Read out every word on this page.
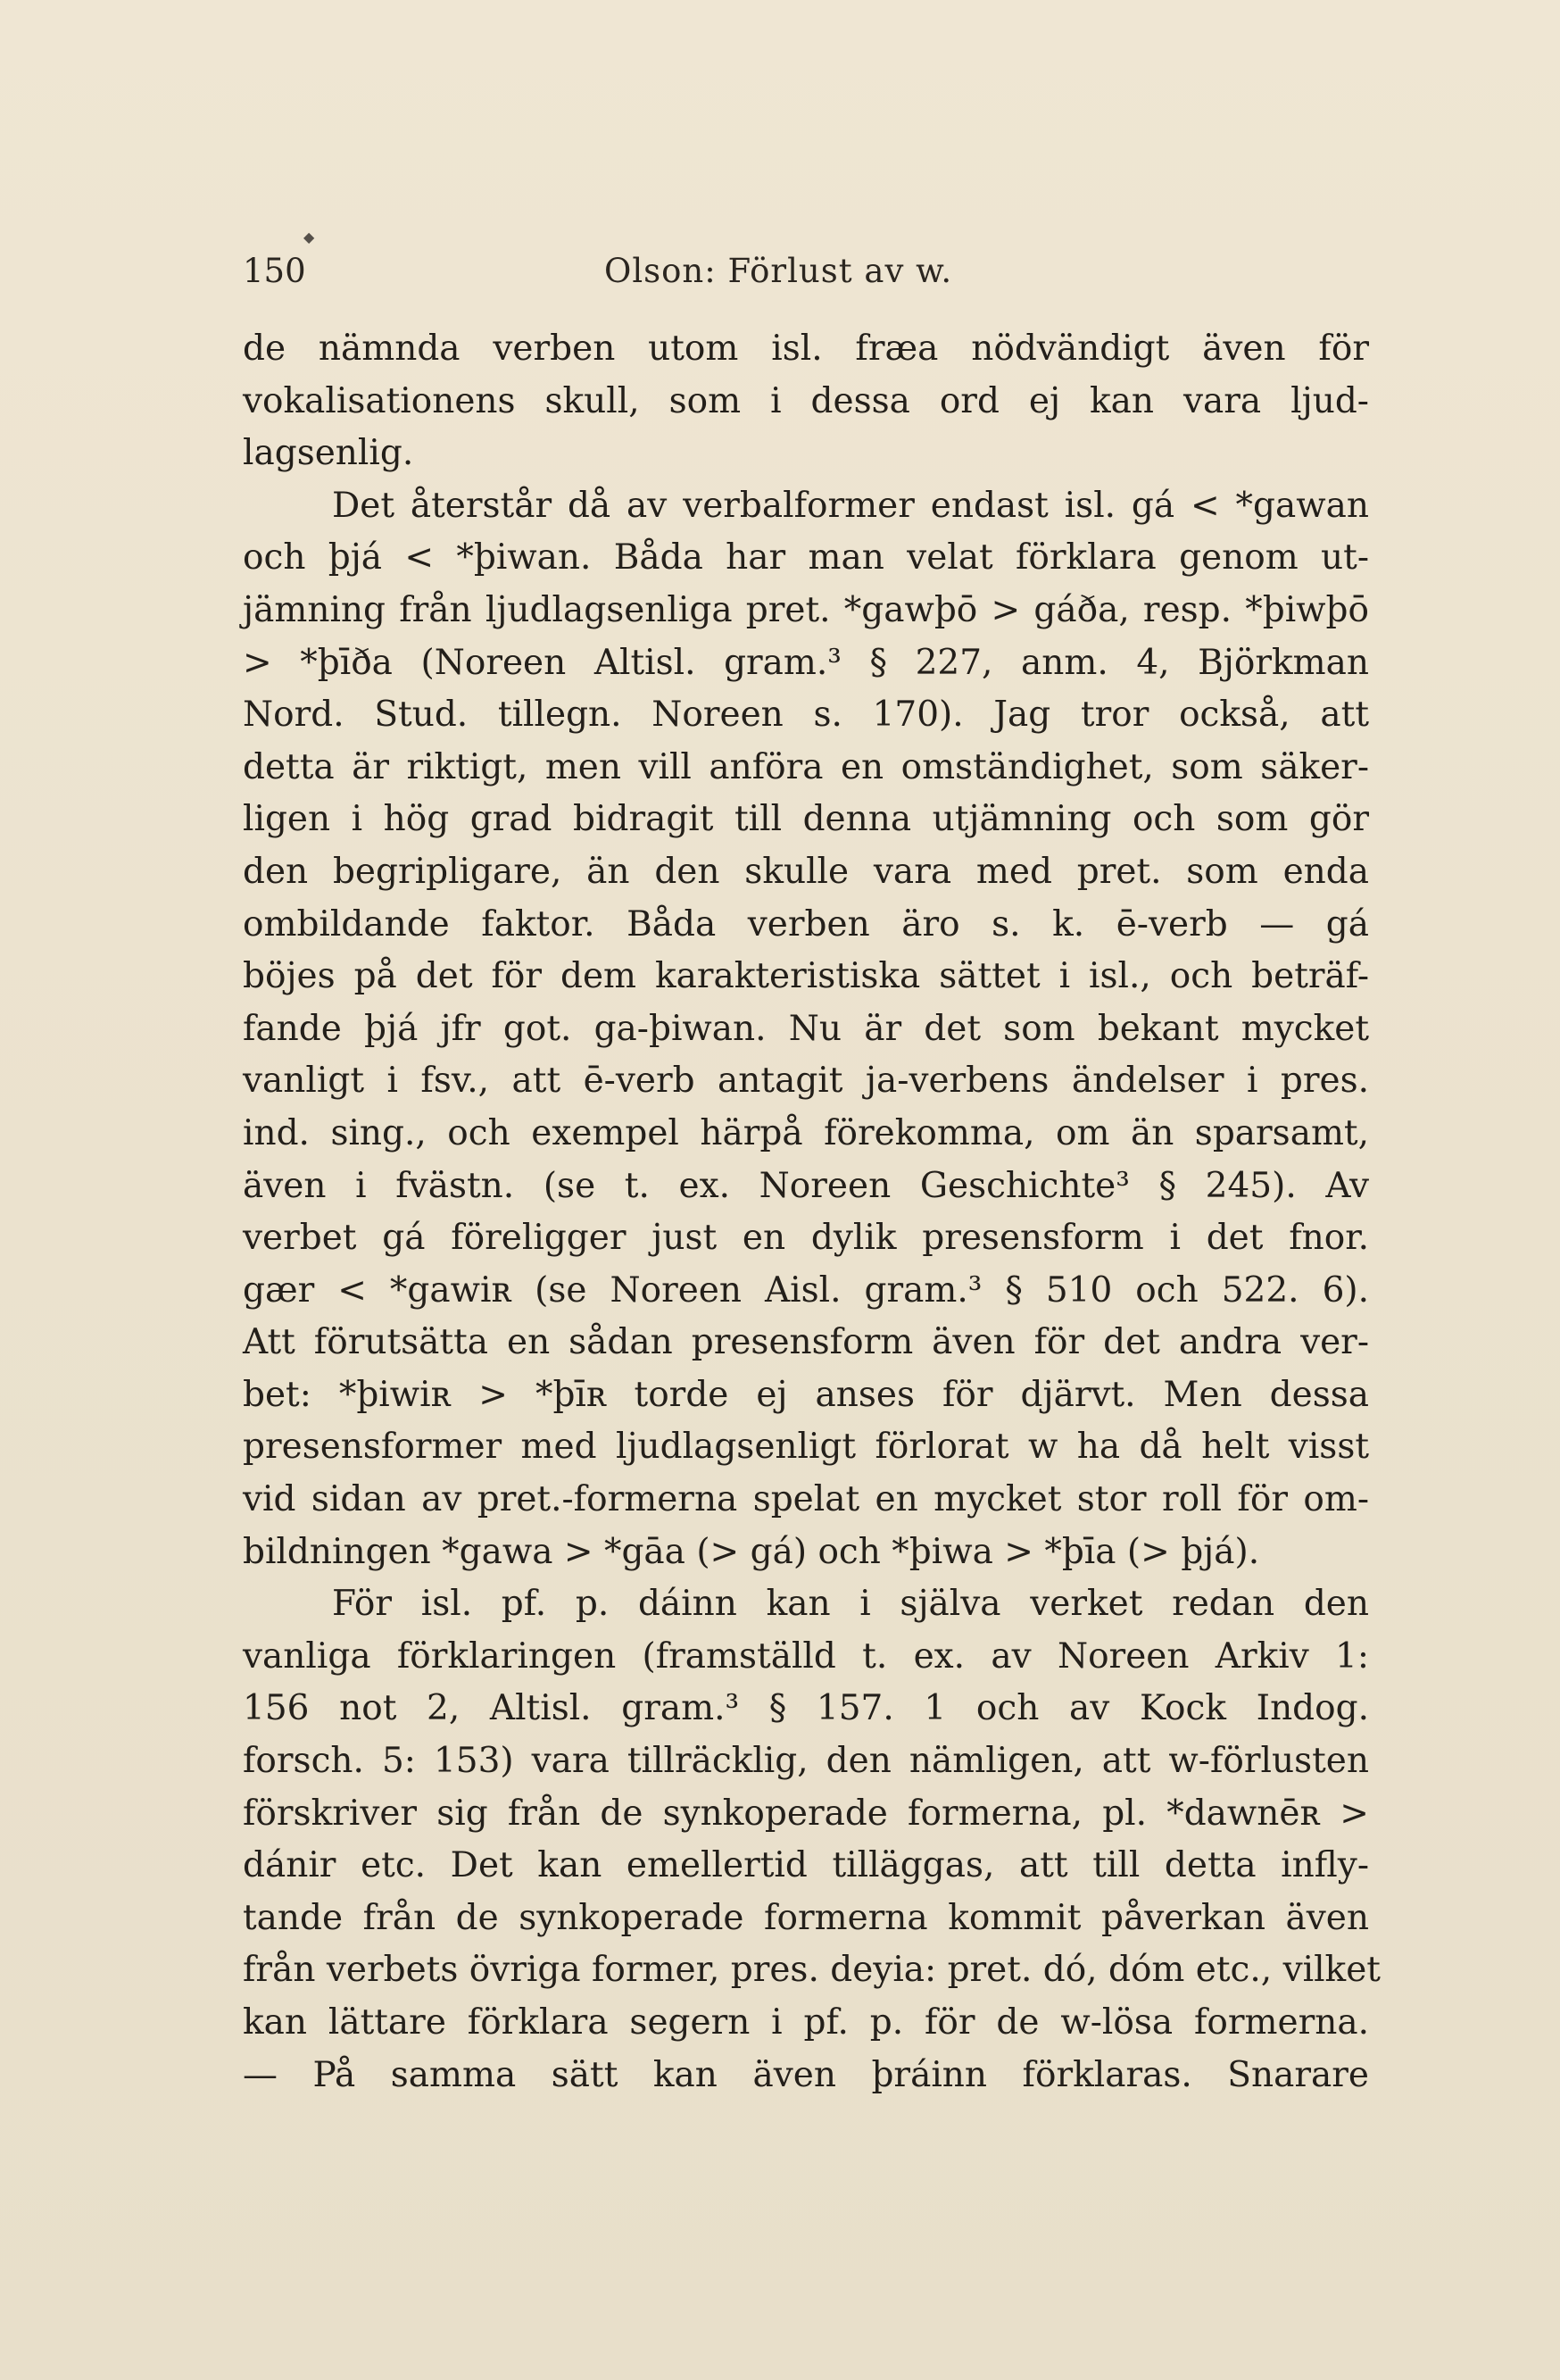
◆
150	Olson: Förlust av w.
de nämnda verben utom isl. fræa nödvändigt även för
vokalisationens skull, som i dessa ord ej kan vara ljud-
lagsenlig.
Det återstår då av verbalformer endast isl. gá < *gawan
och þjá < *þiwan. Båda har man velat förklara genom ut-
jämning från ljudlagsenliga pret. *gawþō > gáða, resp. *þiwþō
> *þīða (Noreen Altisl. gram.³ § 227, anm. 4, Björkman
Nord. Stud. tillegn. Noreen s. 170). Jag tror också, att
detta är riktigt, men vill anföra en omständighet, som säker-
ligen i hög grad bidragit till denna utjämning och som gör
den begripligare, än den skulle vara med pret. som enda
ombildande faktor. Båda verben äro s. k. ē-verb — gá
böjes på det för dem karakteristiska sättet i isl., och beträf-
fande þjá jfr got. ga-þiwan. Nu är det som bekant mycket
vanligt i fsv., att ē-verb antagit ja-verbens ändelser i pres.
ind. sing., och exempel härpå förekomma, om än sparsamt,
även i fvästn. (se t. ex. Noreen Geschichte³ § 245). Av
verbet gá föreligger just en dylik presensform i det fnor.
gær < *gawiʀ (se Noreen Aisl. gram.³ § 510 och 522. 6).
Att förutsätta en sådan presensform även för det andra ver-
bet: *þiwiʀ > *þīʀ torde ej anses för djärvt. Men dessa
presensformer med ljudlagsenligt förlorat w ha då helt visst
vid sidan av pret.-formerna spelat en mycket stor roll för om-
bildningen *gawa > *gāa (> gá) och *þiwa > *þīa (> þjá).
För isl. pf. p. dáinn kan i själva verket redan den
vanliga förklaringen (framställd t. ex. av Noreen Arkiv 1:
156 not 2, Altisl. gram.³ § 157. 1 och av Kock Indog.
forsch. 5: 153) vara tillräcklig, den nämligen, att w-förlusten
förskriver sig från de synkoperade formerna, pl. *dawnēʀ >
dánir etc. Det kan emellertid tilläggas, att till detta infly-
tande från de synkoperade formerna kommit påverkan även
från verbets övriga former, pres. deyia: pret. dó, dóm etc., vilket
kan lättare förklara segern i pf. p. för de w-lösa formerna.
— På samma sätt kan även þráinn förklaras. Snarare
